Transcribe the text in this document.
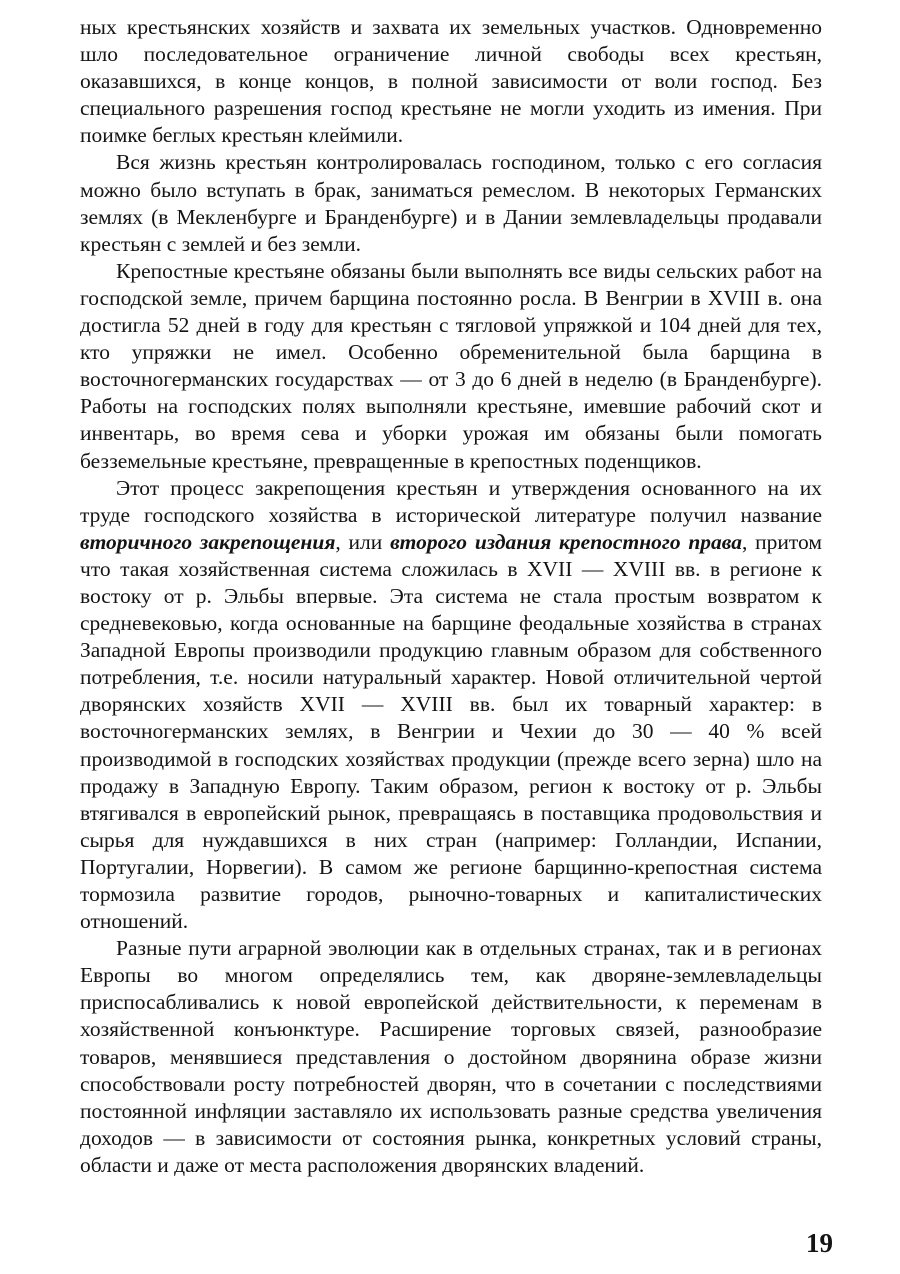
ных крестьянских хозяйств и захвата их земельных участков. Одновременно шло последовательное ограничение личной свободы всех крестьян, оказавшихся, в конце концов, в полной зависимости от воли господ. Без специального разрешения господ крестьяне не могли уходить из имения. При поимке беглых крестьян клеймили.

Вся жизнь крестьян контролировалась господином, только с его согласия можно было вступать в брак, заниматься ремеслом. В некоторых Германских землях (в Мекленбурге и Бранденбурге) и в Дании землевладельцы продавали крестьян с землей и без земли.

Крепостные крестьяне обязаны были выполнять все виды сельских работ на господской земле, причем барщина постоянно росла. В Венгрии в XVIII в. она достигла 52 дней в году для крестьян с тягловой упряжкой и 104 дней для тех, кто упряжки не имел. Особенно обременительной была барщина в восточногерманских государствах — от 3 до 6 дней в неделю (в Бранденбурге). Работы на господских полях выполняли крестьяне, имевшие рабочий скот и инвентарь, во время сева и уборки урожая им обязаны были помогать безземельные крестьяне, превращенные в крепостных поденщиков.

Этот процесс закрепощения крестьян и утверждения основанного на их труде господского хозяйства в исторической литературе получил название вторичного закрепощения, или второго издания крепостного права, притом что такая хозяйственная система сложилась в XVII — XVIII вв. в регионе к востоку от р. Эльбы впервые. Эта система не стала простым возвратом к средневековью, когда основанные на барщине феодальные хозяйства в странах Западной Европы производили продукцию главным образом для собственного потребления, т.е. носили натуральный характер. Новой отличительной чертой дворянских хозяйств XVII — XVIII вв. был их товарный характер: в восточногерманских землях, в Венгрии и Чехии до 30 — 40 % всей производимой в господских хозяйствах продукции (прежде всего зерна) шло на продажу в Западную Европу. Таким образом, регион к востоку от р. Эльбы втягивался в европейский рынок, превращаясь в поставщика продовольствия и сырья для нуждавшихся в них стран (например: Голландии, Испании, Португалии, Норвегии). В самом же регионе барщинно-крепостная система тормозила развитие городов, рыночно-товарных и капиталистических отношений.

Разные пути аграрной эволюции как в отдельных странах, так и в регионах Европы во многом определялись тем, как дворяне-землевладельцы приспосабливались к новой европейской действительности, к переменам в хозяйственной конъюнктуре. Расширение торговых связей, разнообразие товаров, менявшиеся представления о достойном дворянина образе жизни способствовали росту потребностей дворян, что в сочетании с последствиями постоянной инфляции заставляло их использовать разные средства увеличения доходов — в зависимости от состояния рынка, конкретных условий страны, области и даже от места расположения дворянских владений.

19
